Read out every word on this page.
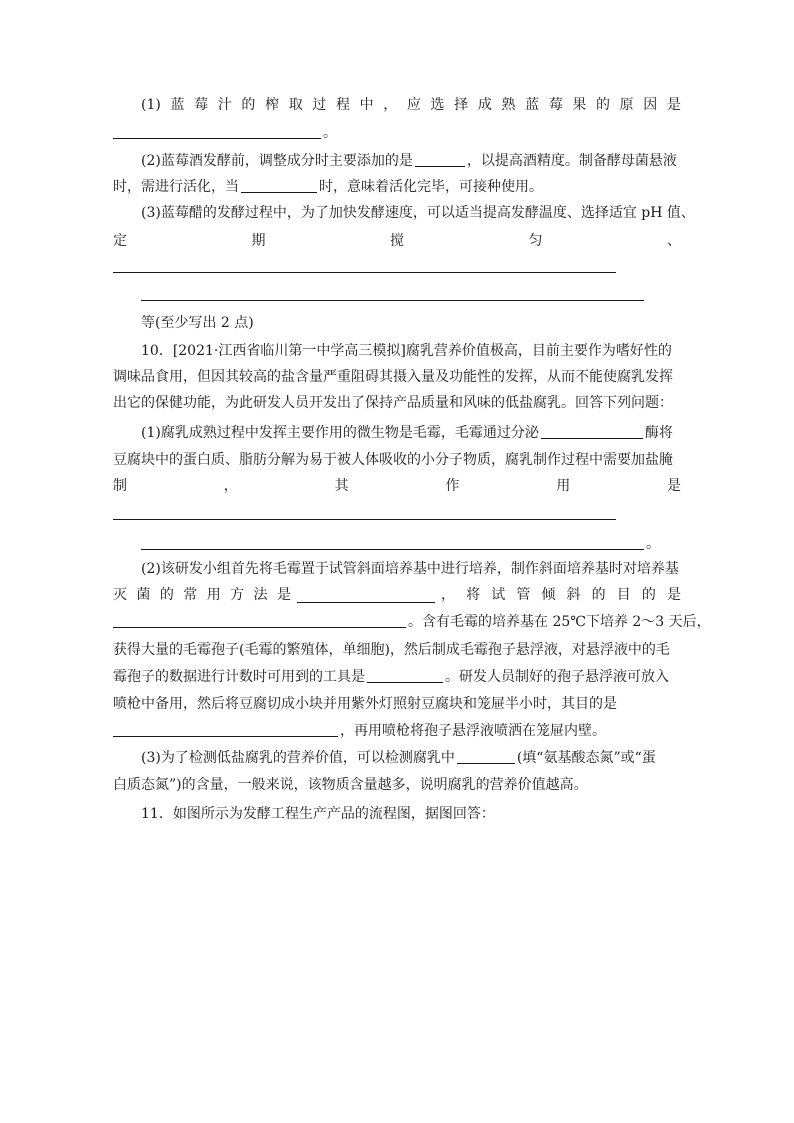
(1) 蓝 莓 汁 的 榨 取 过 程 中 ， 应 选 择 成 熟 蓝 莓 果 的 原 因 是
。
(2)蓝莓酒发酵前，调整成分时主要添加的是	，以提高酒精度。制备酵母菌悬液
时，需进行活化，当	时，意味着活化完毕，可接种使用。
(3)蓝莓醋的发酵过程中，为了加快发酵速度，可以适当提高发酵温度、选择适宜 pH 值、
定	期	搅	匀	、
等(至少写出 2 点)
10．[2021·江西省临川第一中学高三模拟]腐乳营养价值极高，目前主要作为嗜好性的
调味品食用，但因其较高的盐含量严重阻碍其摄入量及功能性的发挥，从而不能使腐乳发挥
出它的保健功能，为此研发人员开发出了保持产品质量和风味的低盐腐乳。回答下列问题：
(1)腐乳成熟过程中发挥主要作用的微生物是毛霉，毛霉通过分泌	酶将
豆腐块中的蛋白质、脂肪分解为易于被人体吸收的小分子物质，腐乳制作过程中需要加盐腌
制	，	其	作	用	是
。
(2)该研发小组首先将毛霉置于试管斜面培养基中进行培养，制作斜面培养基时对培养基
灭 菌 的 常 用 方 法 是	， 将 试 管 倾 斜 的 目 的 是
。含有毛霉的培养基在 25℃下培养 2～3 天后，
获得大量的毛霉孢子(毛霉的繁殖体，单细胞)，然后制成毛霉孢子悬浮液，对悬浮液中的毛
霉孢子的数据进行计数时可用到的工具是	。研发人员制好的孢子悬浮液可放入
喷枪中备用，然后将豆腐切成小块并用紫外灯照射豆腐块和笼屉半小时，其目的是
，再用喷枪将孢子悬浮液喷洒在笼屉内壁。
(3)为了检测低盐腐乳的营养价值，可以检测腐乳中	(填“氨基酸态氮”或“蛋
白质态氮”)的含量，一般来说，该物质含量越多，说明腐乳的营养价值越高。
11．如图所示为发酵工程生产产品的流程图，据图回答：
